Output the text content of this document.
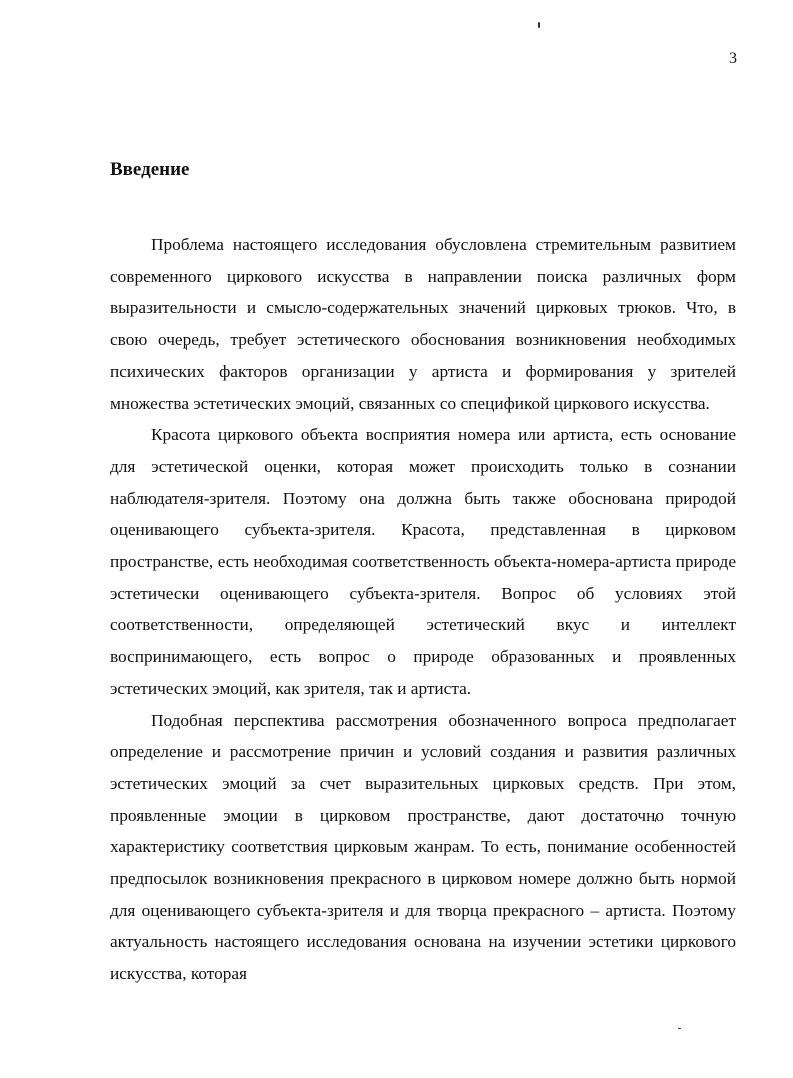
3
Введение

Проблема настоящего исследования обусловлена стремительным развитием современного циркового искусства в направлении поиска различных форм выразительности и смысло-содержательных значений цирковых трюков. Что, в свою очередь, требует эстетического обоснования возникновения необходимых психических факторов организации у артиста и формирования у зрителей множества эстетических эмоций, связанных со спецификой циркового искусства.

Красота циркового объекта восприятия номера или артиста, есть основание для эстетической оценки, которая может происходить только в сознании наблюдателя-зрителя. Поэтому она должна быть также обоснована природой оценивающего субъекта-зрителя. Красота, представленная в цирковом пространстве, есть необходимая соответственность объекта-номера-артиста природе эстетически оценивающего субъекта-зрителя. Вопрос об условиях этой соответственности, определяющей эстетический вкус и интеллект воспринимающего, есть вопрос о природе образованных и проявленных эстетических эмоций, как зрителя, так и артиста.

Подобная перспектива рассмотрения обозначенного вопроса предполагает определение и рассмотрение причин и условий создания и развития различных эстетических эмоций за счет выразительных цирковых средств. При этом, проявленные эмоции в цирковом пространстве, дают достаточно точную характеристику соответствия цирковым жанрам. То есть, понимание особенностей предпосылок возникновения прекрасного в цирковом номере должно быть нормой для оценивающего субъекта-зрителя и для творца прекрасного – артиста. Поэтому актуальность настоящего исследования основана на изучении эстетики циркового искусства, которая
